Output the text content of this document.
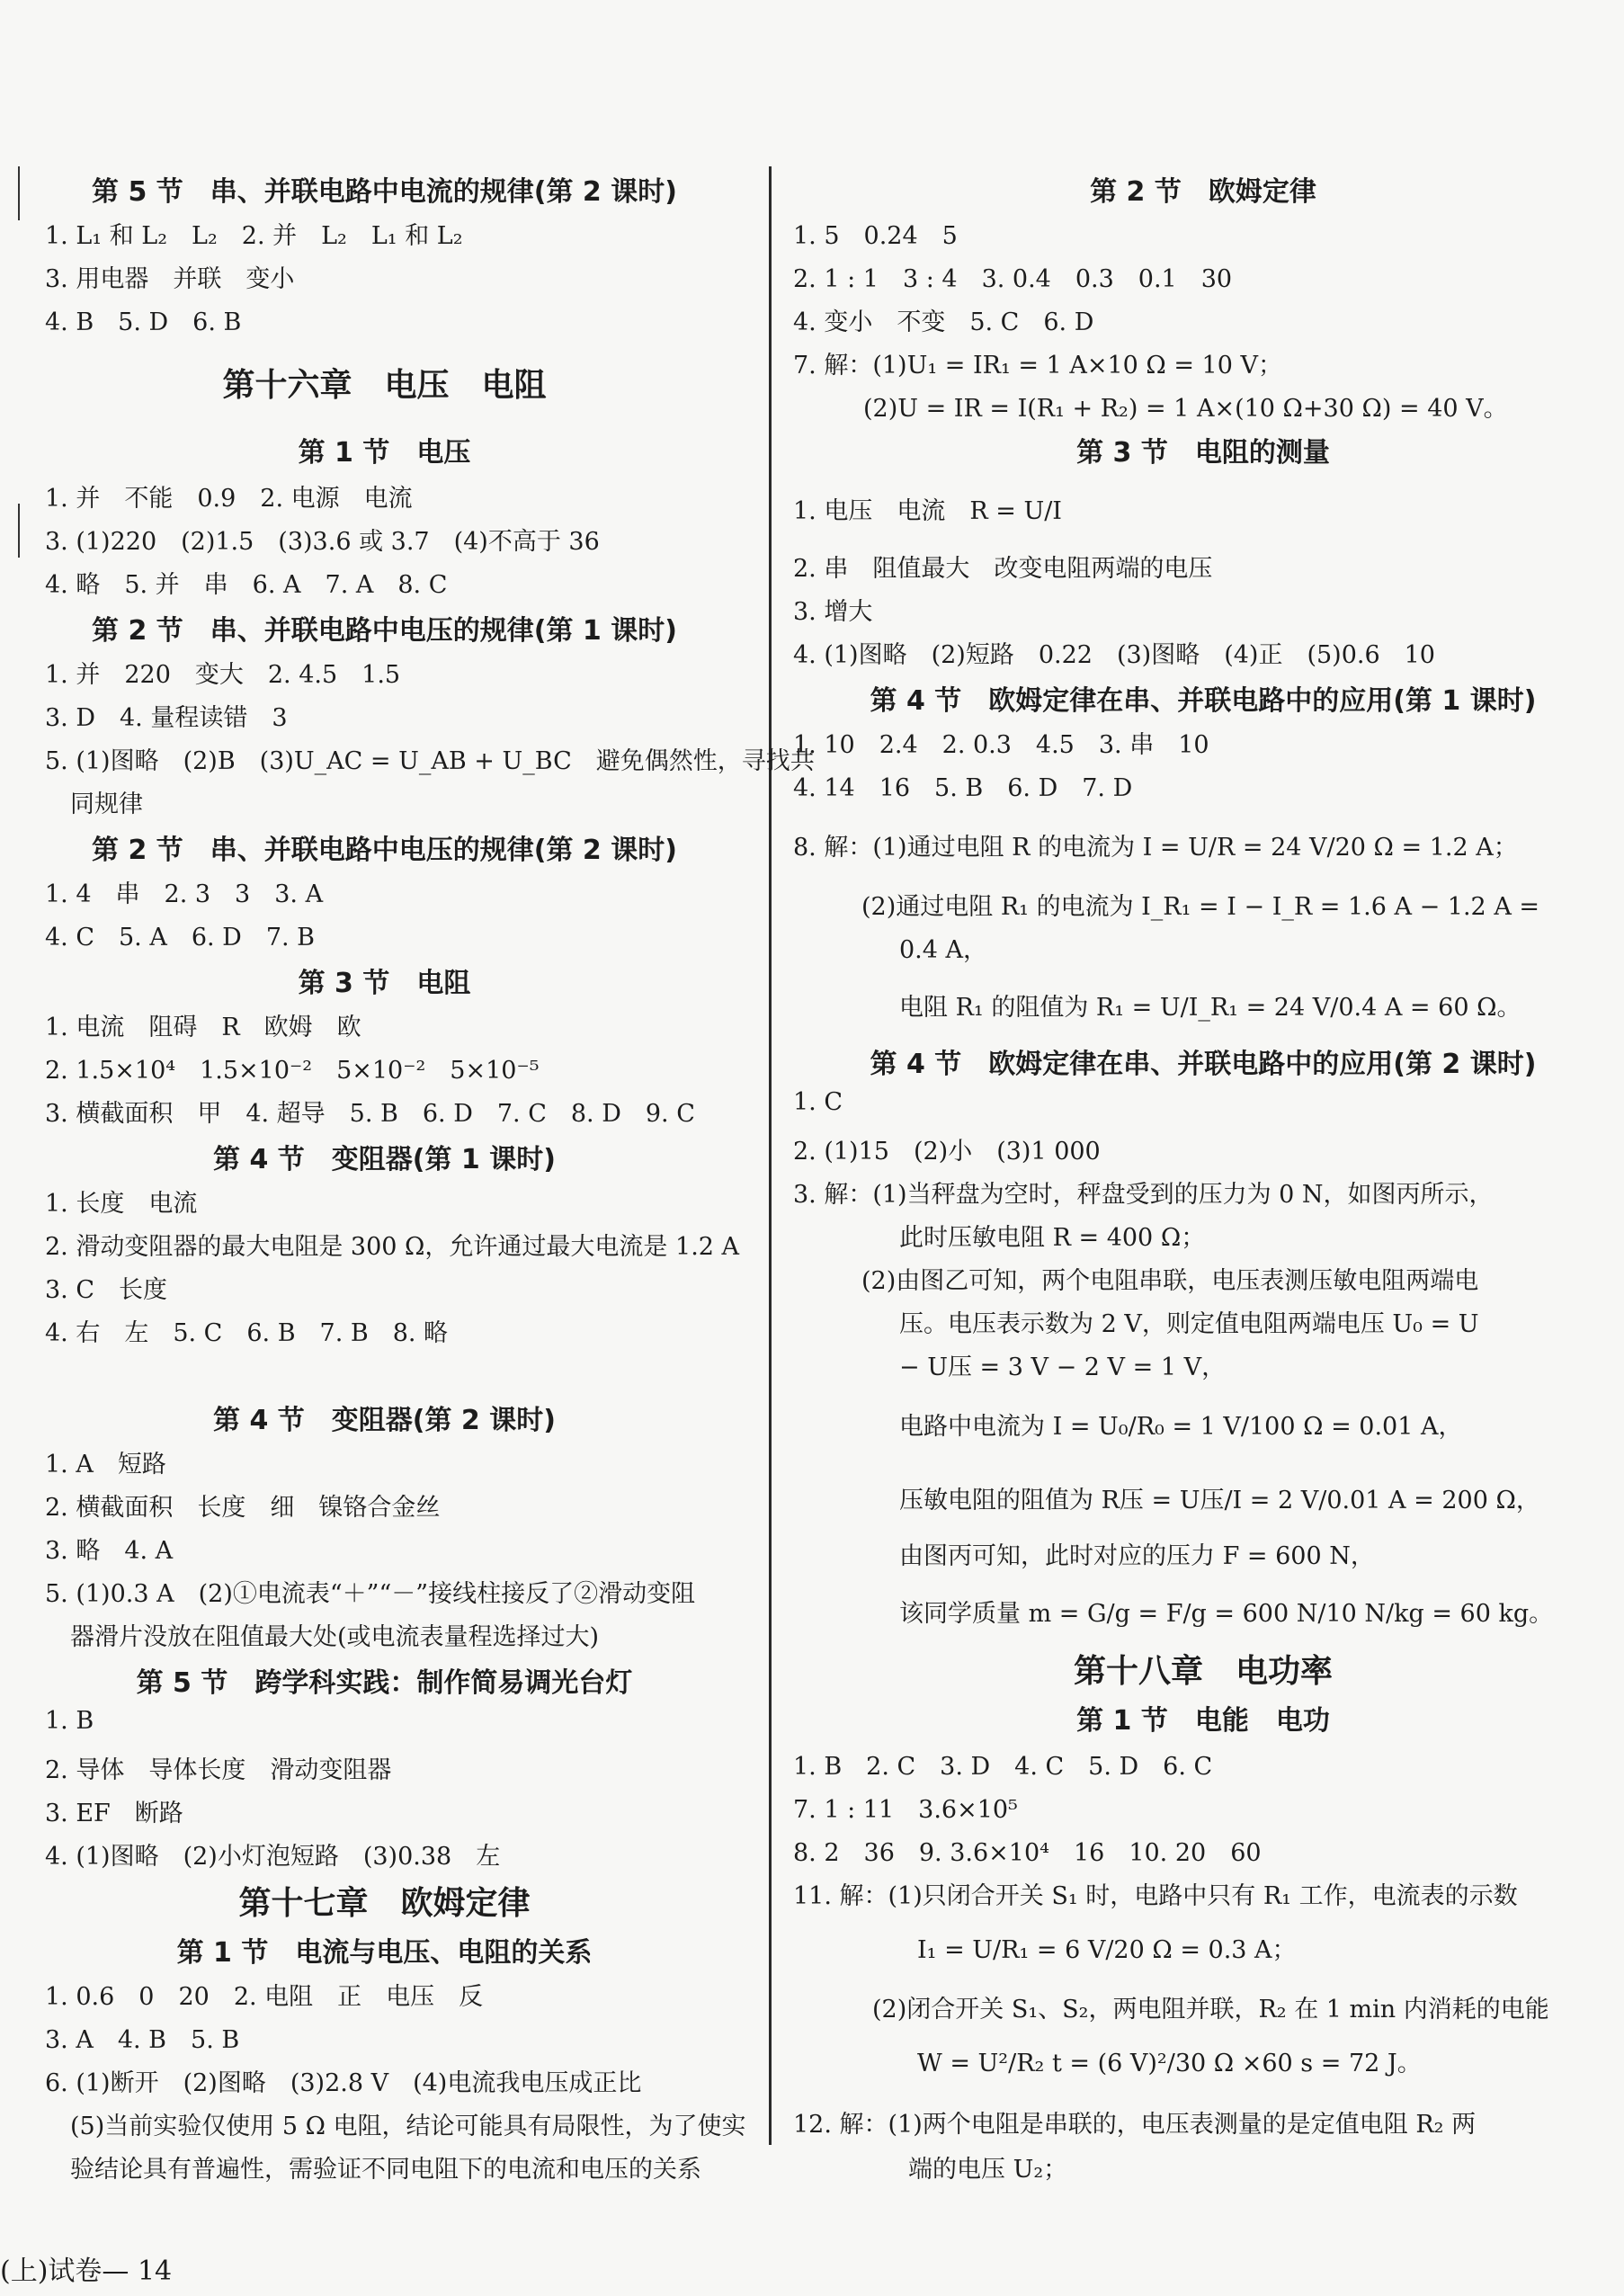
第 5 节　串、并联电路中电流的规律(第 2 课时)
1. L₁ 和 L₂　L₂　2. 并　L₂　L₁ 和 L₂
3. 用电器　并联　变小
4. B　5. D　6. B
第十六章　电压　电阻
第 1 节　电压
1. 并　不能　0.9　2. 电源　电流
3. (1)220　(2)1.5　(3)3.6 或 3.7　(4)不高于 36
4. 略　5. 并　串　6. A　7. A　8. C
第 2 节　串、并联电路中电压的规律(第 1 课时)
1. 并　220　变大　2. 4.5　1.5
3. D　4. 量程读错　3
5. (1)图略　(2)B　(3)U_AC = U_AB + U_BC　避免偶然性，寻找共
同规律
第 2 节　串、并联电路中电压的规律(第 2 课时)
1. 4　串　2. 3　3　3. A
4. C　5. A　6. D　7. B
第 3 节　电阻
1. 电流　阻碍　R　欧姆　欧
2. 1.5×10⁴　1.5×10⁻²　5×10⁻²　5×10⁻⁵
3. 横截面积　甲　4. 超导　5. B　6. D　7. C　8. D　9. C
第 4 节　变阻器(第 1 课时)
1. 长度　电流
2. 滑动变阻器的最大电阻是 300 Ω，允许通过最大电流是 1.2 A
3. C　长度
4. 右　左　5. C　6. B　7. B　8. 略
第 4 节　变阻器(第 2 课时)
1. A　短路
2. 横截面积　长度　细　镍铬合金丝
3. 略　4. A
5. (1)0.3 A　(2)①电流表“＋”“－”接线柱接反了②滑动变阻
器滑片没放在阻值最大处(或电流表量程选择过大)
第 5 节　跨学科实践：制作简易调光台灯
1. B
2. 导体　导体长度　滑动变阻器
3. EF　断路
4. (1)图略　(2)小灯泡短路　(3)0.38　左
第十七章　欧姆定律
第 1 节　电流与电压、电阻的关系
1. 0.6　0　20　2. 电阻　正　电压　反
3. A　4. B　5. B
6. (1)断开　(2)图略　(3)2.8 V　(4)电流我电压成正比
(5)当前实验仅使用 5 Ω 电阻，结论可能具有局限性，为了使实
验结论具有普遍性，需验证不同电阻下的电流和电压的关系
第 2 节　欧姆定律
1. 5　0.24　5
2. 1 : 1　3 : 4　3. 0.4　0.3　0.1　30
4. 变小　不变　5. C　6. D
7. 解：(1)U₁ = IR₁ = 1 A×10 Ω = 10 V；
(2)U = IR = I(R₁ + R₂) = 1 A×(10 Ω+30 Ω) = 40 V。
第 3 节　电阻的测量
1. 电压　电流　R = U/I
2. 串　阻值最大　改变电阻两端的电压
3. 增大
4. (1)图略　(2)短路　0.22　(3)图略　(4)正　(5)0.6　10
第 4 节　欧姆定律在串、并联电路中的应用(第 1 课时)
1. 10　2.4　2. 0.3　4.5　3. 串　10
4. 14　16　5. B　6. D　7. D
8. 解：(1)通过电阻 R 的电流为 I = U/R = 24 V/20 Ω = 1.2 A；
(2)通过电阻 R₁ 的电流为 I_R₁ = I − I_R = 1.6 A − 1.2 A =
0.4 A，
电阻 R₁ 的阻值为 R₁ = U/I_R₁ = 24 V/0.4 A = 60 Ω。
第 4 节　欧姆定律在串、并联电路中的应用(第 2 课时)
1. C
2. (1)15　(2)小　(3)1 000
3. 解：(1)当秤盘为空时，秤盘受到的压力为 0 N，如图丙所示，
此时压敏电阻 R = 400 Ω；
(2)由图乙可知，两个电阻串联，电压表测压敏电阻两端电
压。电压表示数为 2 V，则定值电阻两端电压 U₀ = U
− U压 = 3 V − 2 V = 1 V，
电路中电流为 I = U₀/R₀ = 1 V/100 Ω = 0.01 A，
压敏电阻的阻值为 R压 = U压/I = 2 V/0.01 A = 200 Ω，
由图丙可知，此时对应的压力 F = 600 N，
该同学质量 m = G/g = F/g = 600 N/10 N/kg = 60 kg。
第十八章　电功率
第 1 节　电能　电功
1. B　2. C　3. D　4. C　5. D　6. C
7. 1 : 11　3.6×10⁵
8. 2　36　9. 3.6×10⁴　16　10. 20　60
11. 解：(1)只闭合开关 S₁ 时，电路中只有 R₁ 工作，电流表的示数
I₁ = U/R₁ = 6 V/20 Ω = 0.3 A；
(2)闭合开关 S₁、S₂，两电阻并联，R₂ 在 1 min 内消耗的电能
W = U²/R₂ t = (6 V)²/30 Ω ×60 s = 72 J。
12. 解：(1)两个电阻是串联的，电压表测量的是定值电阻 R₂ 两
端的电压 U₂；
(上)试卷— 14
